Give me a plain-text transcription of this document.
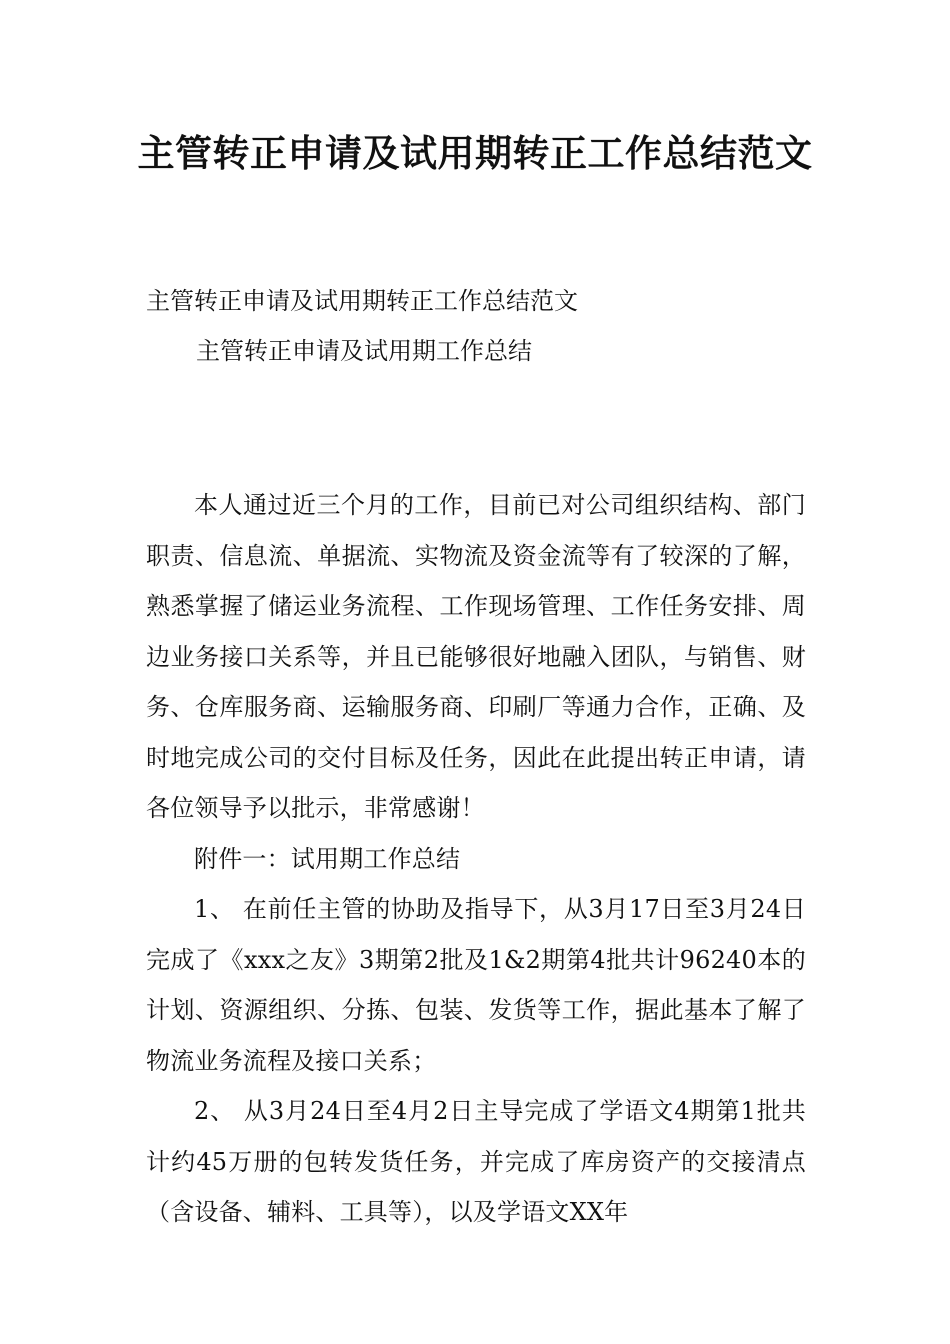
主管转正申请及试用期转正工作总结范文

主管转正申请及试用期转正工作总结范文

主管转正申请及试用期工作总结

本人通过近三个月的工作，目前已对公司组织结构、部门职责、信息流、单据流、实物流及资金流等有了较深的了解，熟悉掌握了储运业务流程、工作现场管理、工作任务安排、周边业务接口关系等，并且已能够很好地融入团队，与销售、财务、仓库服务商、运输服务商、印刷厂等通力合作，正确、及时地完成公司的交付目标及任务，因此在此提出转正申请，请各位领导予以批示，非常感谢！

附件一：试用期工作总结

1、 在前任主管的协助及指导下，从3月17日至3月24日完成了《xxx之友》3期第2批及1&2期第4批共计96240本的计划、资源组织、分拣、包装、发货等工作，据此基本了解了物流业务流程及接口关系；

2、 从3月24日至4月2日主导完成了学语文4期第1批共计约45万册的包转发货任务，并完成了库房资产的交接清点（含设备、辅料、工具等），以及学语文XX年
